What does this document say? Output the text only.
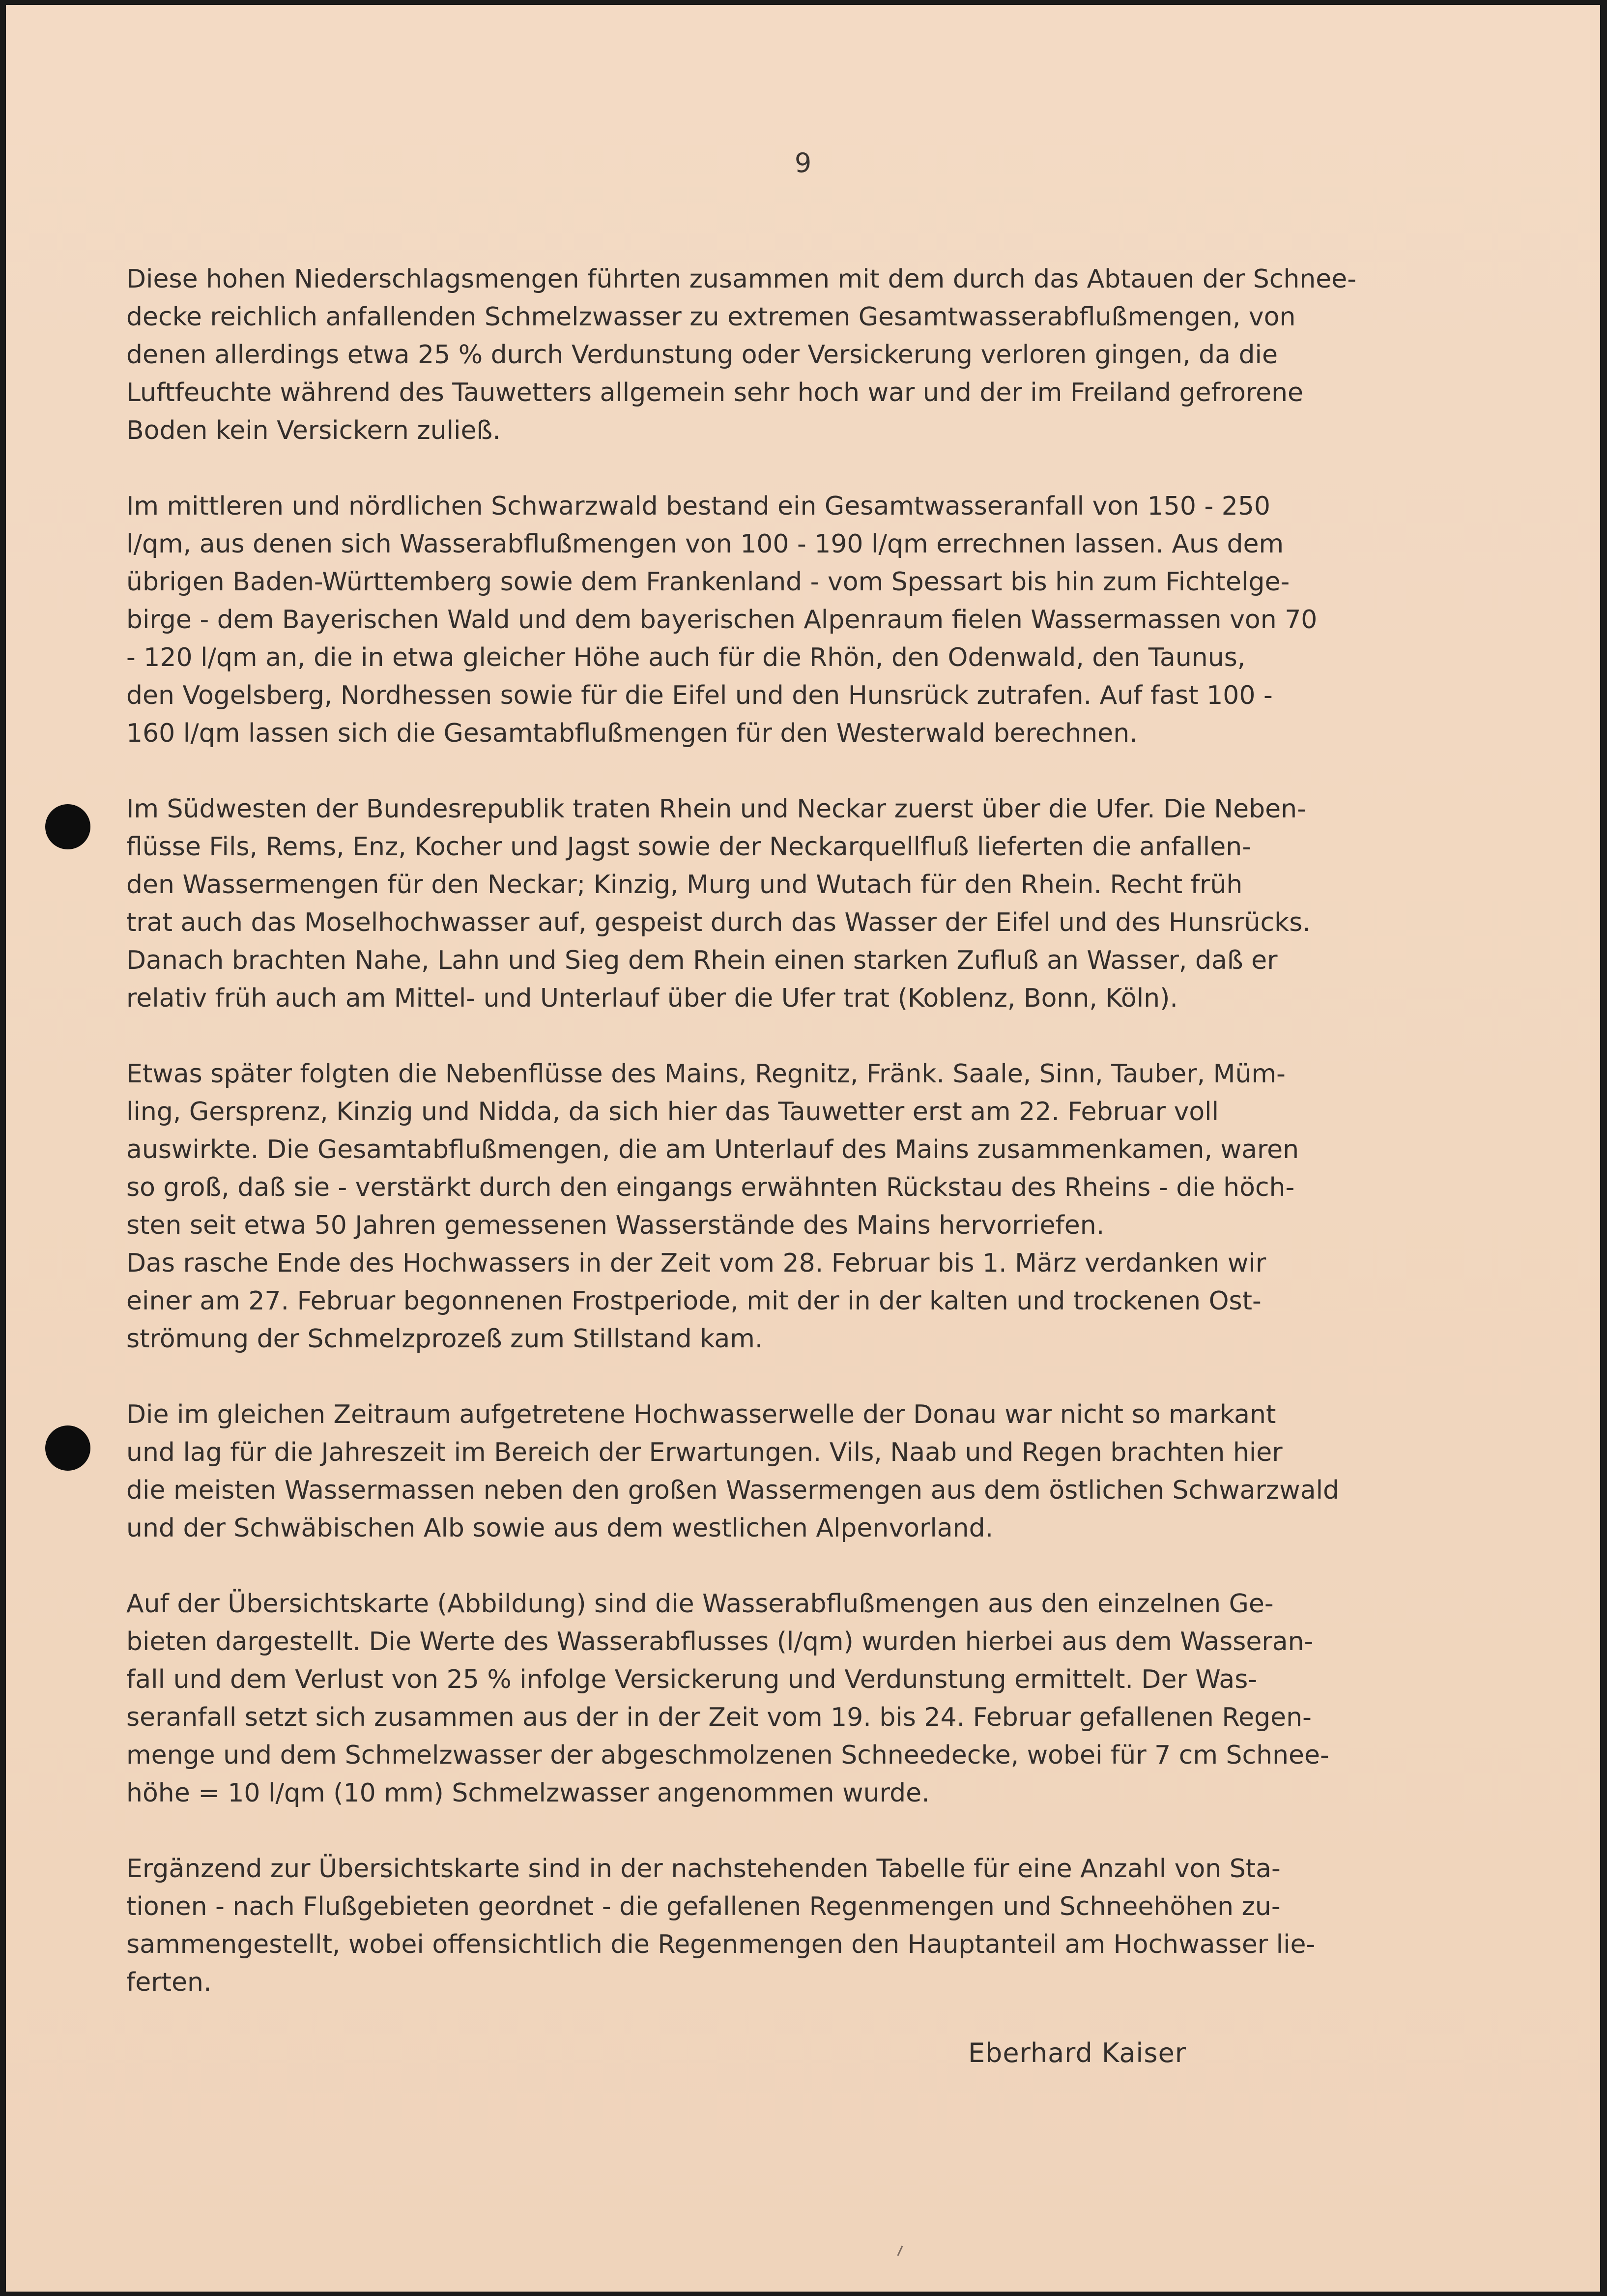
9

Diese hohen Niederschlagsmengen führten zusammen mit dem durch das Abtauen der Schnee-
decke reichlich anfallenden Schmelzwasser zu extremen Gesamtwasserabflußmengen, von
denen allerdings etwa 25 % durch Verdunstung oder Versickerung verloren gingen, da die
Luftfeuchte während des Tauwetters allgemein sehr hoch war und der im Freiland gefrorene
Boden kein Versickern zuließ.

Im mittleren und nördlichen Schwarzwald bestand ein Gesamtwasseranfall von 150 - 250
l/qm, aus denen sich Wasserabflußmengen von 100 - 190 l/qm errechnen lassen. Aus dem
übrigen Baden-Württemberg sowie dem Frankenland - vom Spessart bis hin zum Fichtelge-
birge - dem Bayerischen Wald und dem bayerischen Alpenraum fielen Wassermassen von 70
- 120 l/qm an, die in etwa gleicher Höhe auch für die Rhön, den Odenwald, den Taunus,
den Vogelsberg, Nordhessen sowie für die Eifel und den Hunsrück zutrafen. Auf fast 100 -
160 l/qm lassen sich die Gesamtabflußmengen für den Westerwald berechnen.

Im Südwesten der Bundesrepublik traten Rhein und Neckar zuerst über die Ufer. Die Neben-
flüsse Fils, Rems, Enz, Kocher und Jagst sowie der Neckarquellfluß lieferten die anfallen-
den Wassermengen für den Neckar; Kinzig, Murg und Wutach für den Rhein. Recht früh
trat auch das Moselhochwasser auf, gespeist durch das Wasser der Eifel und des Hunsrücks.
Danach brachten Nahe, Lahn und Sieg dem Rhein einen starken Zufluß an Wasser, daß er
relativ früh auch am Mittel- und Unterlauf über die Ufer trat (Koblenz, Bonn, Köln).

Etwas später folgten die Nebenflüsse des Mains, Regnitz, Fränk. Saale, Sinn, Tauber, Müm-
ling, Gersprenz, Kinzig und Nidda, da sich hier das Tauwetter erst am 22. Februar voll
auswirkte. Die Gesamtabflußmengen, die am Unterlauf des Mains zusammenkamen, waren
so groß, daß sie - verstärkt durch den eingangs erwähnten Rückstau des Rheins - die höch-
sten seit etwa 50 Jahren gemessenen Wasserstände des Mains hervorriefen.

Das rasche Ende des Hochwassers in der Zeit vom 28. Februar bis 1. März verdanken wir
einer am 27. Februar begonnenen Frostperiode, mit der in der kalten und trockenen Ost-
strömung der Schmelzprozeß zum Stillstand kam.

Die im gleichen Zeitraum aufgetretene Hochwasserwelle der Donau war nicht so markant
und lag für die Jahreszeit im Bereich der Erwartungen. Vils, Naab und Regen brachten hier
die meisten Wassermassen neben den großen Wassermengen aus dem östlichen Schwarzwald
und der Schwäbischen Alb sowie aus dem westlichen Alpenvorland.

Auf der Übersichtskarte (Abbildung) sind die Wasserabflußmengen aus den einzelnen Ge-
bieten dargestellt. Die Werte des Wasserabflusses (l/qm) wurden hierbei aus dem Wasseran-
fall und dem Verlust von 25 % infolge Versickerung und Verdunstung ermittelt. Der Was-
seranfall setzt sich zusammen aus der in der Zeit vom 19. bis 24. Februar gefallenen Regen-
menge und dem Schmelzwasser der abgeschmolzenen Schneedecke, wobei für 7 cm Schnee-
höhe = 10 l/qm (10 mm) Schmelzwasser angenommen wurde.

Ergänzend zur Übersichtskarte sind in der nachstehenden Tabelle für eine Anzahl von Sta-
tionen - nach Flußgebieten geordnet - die gefallenen Regenmengen und Schneehöhen zu-
sammengestellt, wobei offensichtlich die Regenmengen den Hauptanteil am Hochwasser lie-
ferten.

Eberhard Kaiser
